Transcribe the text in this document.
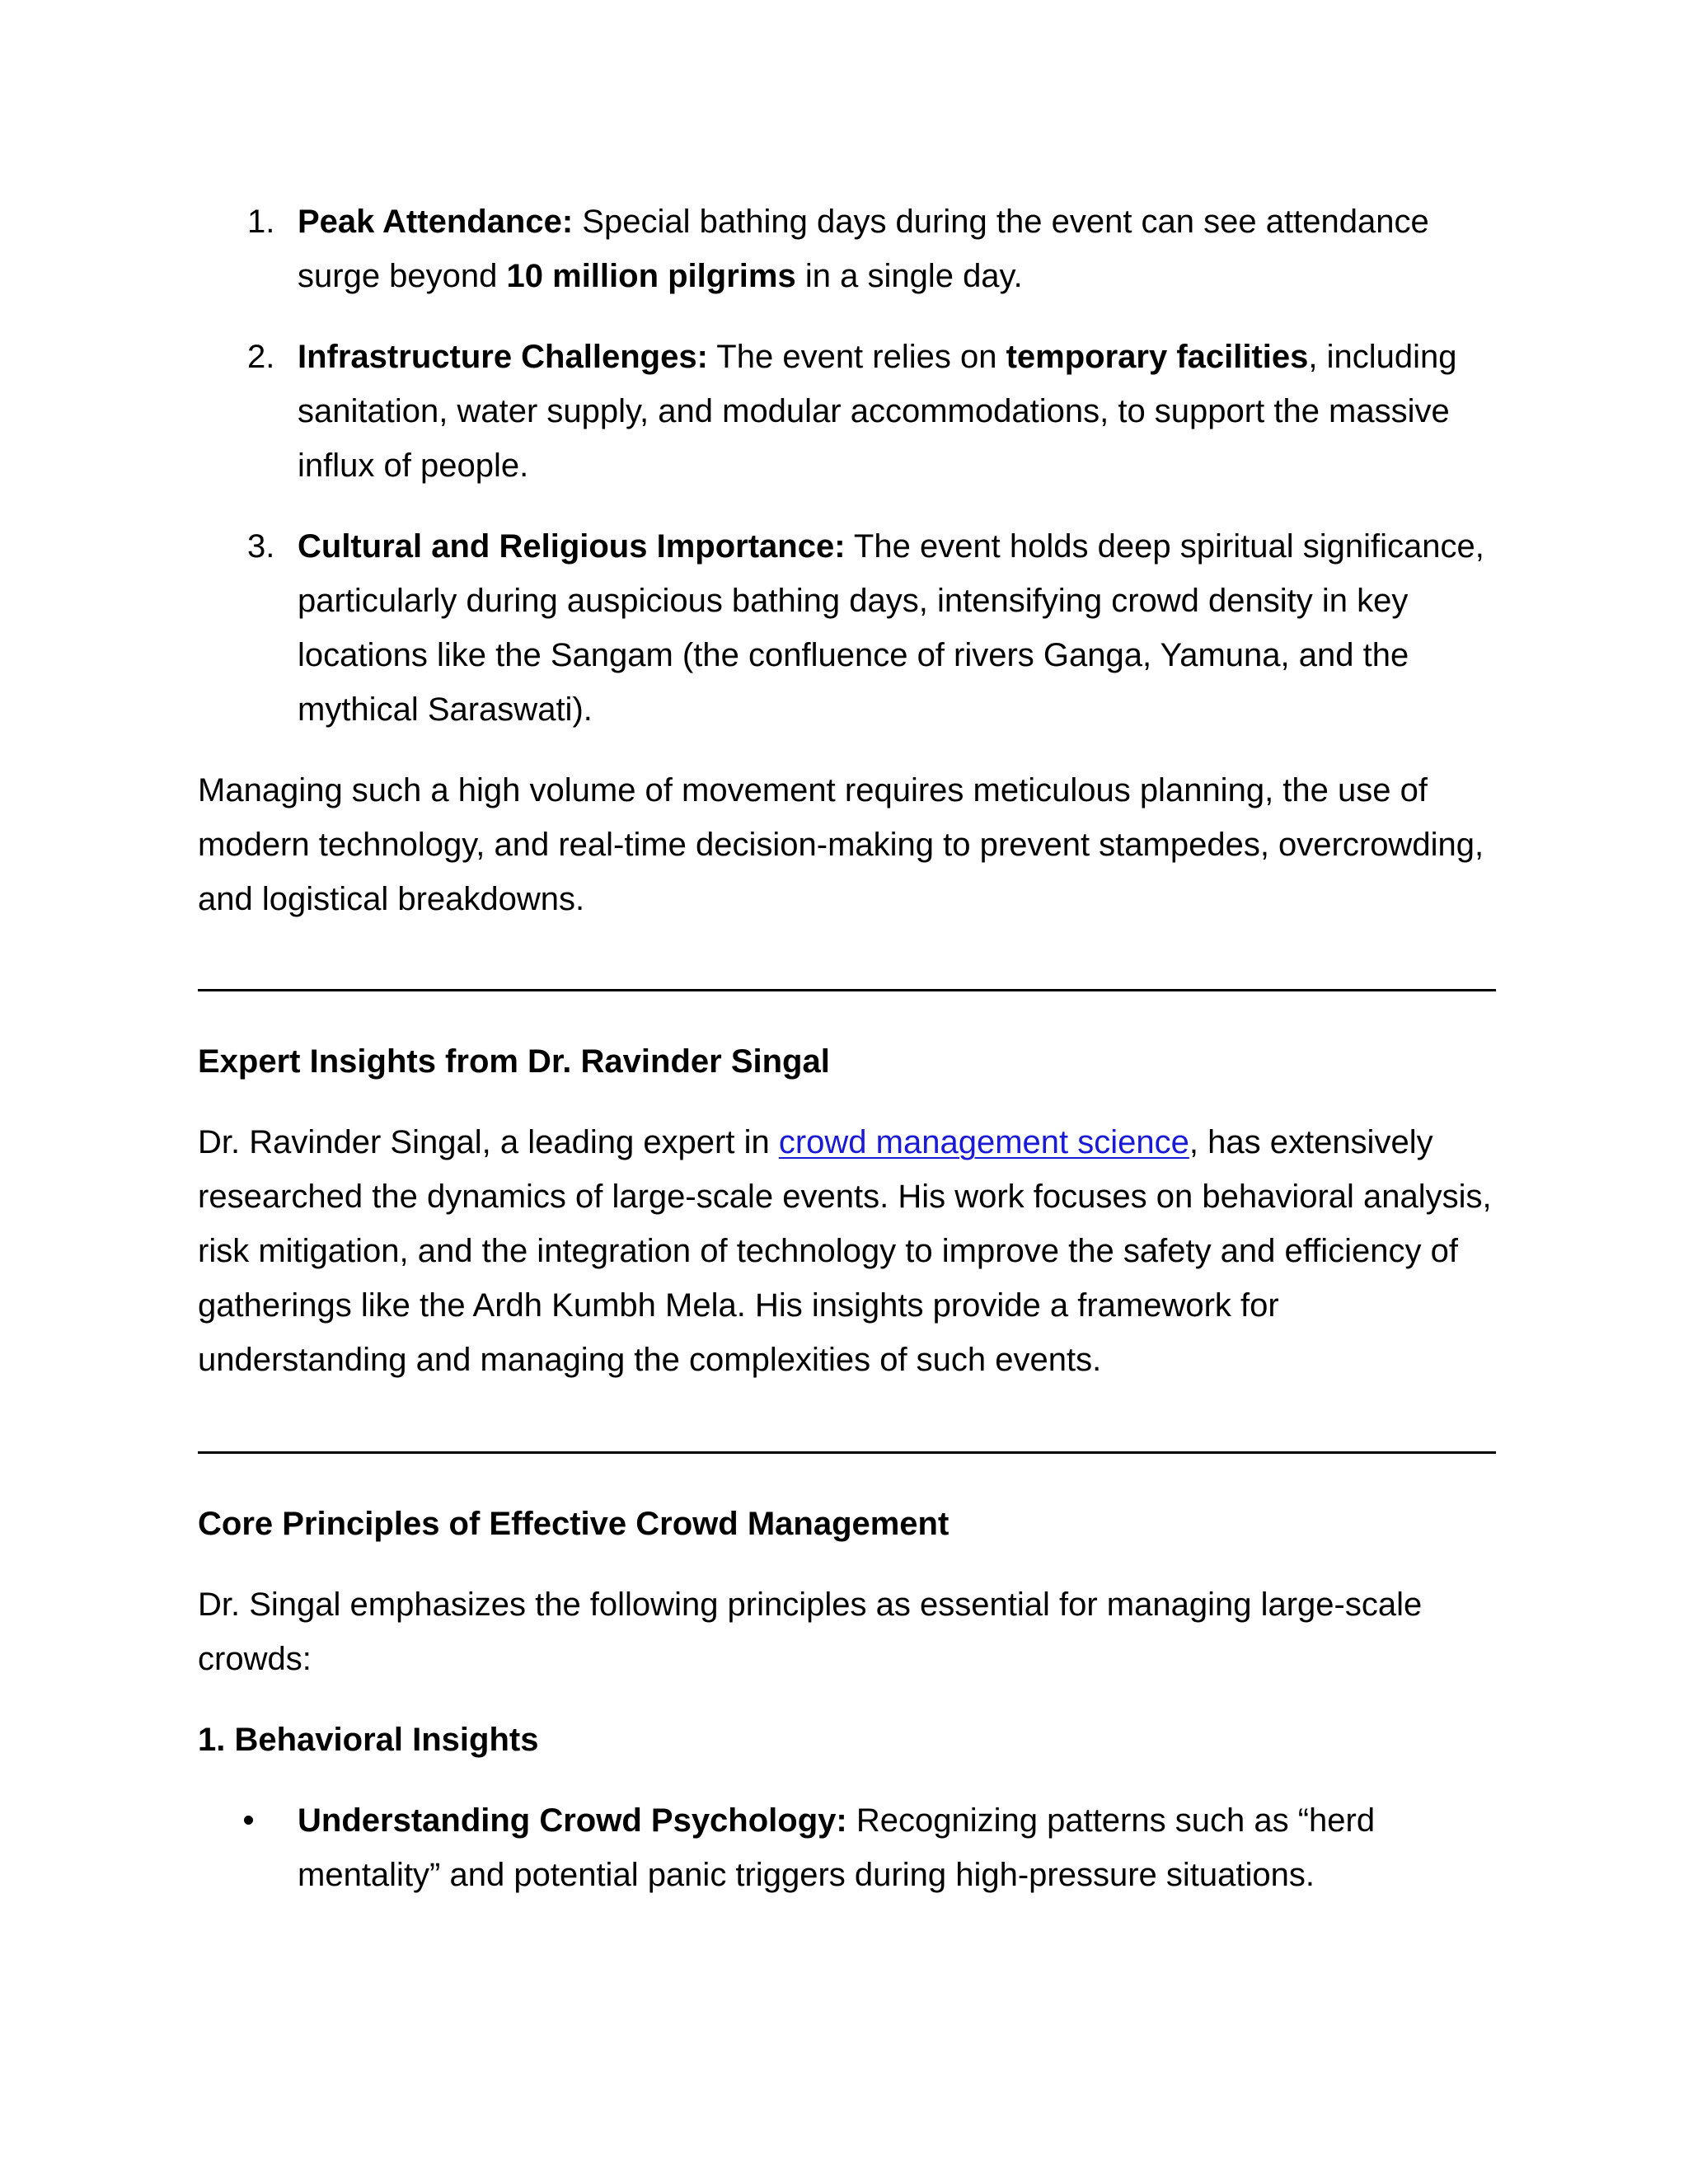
1. Peak Attendance: Special bathing days during the event can see attendance surge beyond 10 million pilgrims in a single day.
2. Infrastructure Challenges: The event relies on temporary facilities, including sanitation, water supply, and modular accommodations, to support the massive influx of people.
3. Cultural and Religious Importance: The event holds deep spiritual significance, particularly during auspicious bathing days, intensifying crowd density in key locations like the Sangam (the confluence of rivers Ganga, Yamuna, and the mythical Saraswati).

Managing such a high volume of movement requires meticulous planning, the use of modern technology, and real-time decision-making to prevent stampedes, overcrowding, and logistical breakdowns.

Expert Insights from Dr. Ravinder Singal

Dr. Ravinder Singal, a leading expert in crowd management science, has extensively researched the dynamics of large-scale events. His work focuses on behavioral analysis, risk mitigation, and the integration of technology to improve the safety and efficiency of gatherings like the Ardh Kumbh Mela. His insights provide a framework for understanding and managing the complexities of such events.

Core Principles of Effective Crowd Management

Dr. Singal emphasizes the following principles as essential for managing large-scale crowds:

1. Behavioral Insights

Understanding Crowd Psychology: Recognizing patterns such as “herd mentality” and potential panic triggers during high-pressure situations.
